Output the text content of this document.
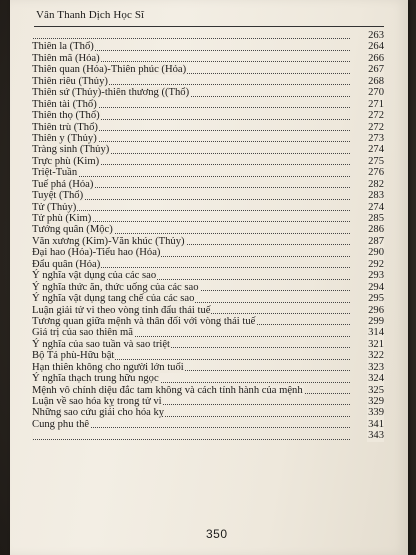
Vân Thanh Dịch Học Sĩ
263
Thiên la (Thổ)	264
Thiên mã (Hỏa)	266
Thiên quan (Hỏa)-Thiên phúc (Hỏa)	267
Thiên riêu (Thủy)	268
Thiên sứ (Thủy)-thiên thương ((Thổ)	270
Thiên tài (Thổ)	271
Thiên thọ (Thổ)	272
Thiên trù (Thổ)	272
Thiên y (Thủy)	273
Tràng sinh (Thủy)	274
Trực phù (Kim)	275
Triệt-Tuần	276
Tuế phá (Hỏa)	282
Tuyệt (Thổ)	283
Tử (Thủy)	274
Tử phù (Kim)	285
Tướng quân (Mộc)	286
Văn xương (Kim)-Văn khúc (Thủy)	287
Đại hao (Hỏa)-Tiểu hao (Hỏa)	290
Đẩu quân (Hỏa)	292
Ý nghĩa vật dụng của các sao	293
Ý nghĩa thức ăn, thức uống của các sao	294
Ý nghĩa vật dụng tang chế của các sao	295
Luận giải tử vi theo vòng tinh đẩu thái tuế	296
Tương quan giữa mệnh và thân đối với vòng thái tuế	299
Giá trị của sao thiên mã	314
Ý nghĩa của sao tuần và sao triệt	321
Bộ Tả phù-Hữu bật	322
Hạn thiên không cho người lớn tuổi	323
Ý nghĩa thạch trung hữu ngọc	324
Mệnh vô chính diệu đắc tam không và cách tính hành của mệnh	325
Luận về sao hóa kỵ trong tử vi	329
Những sao cứu giải cho hóa kỵ	339
Cung phu thê	341
343
350
